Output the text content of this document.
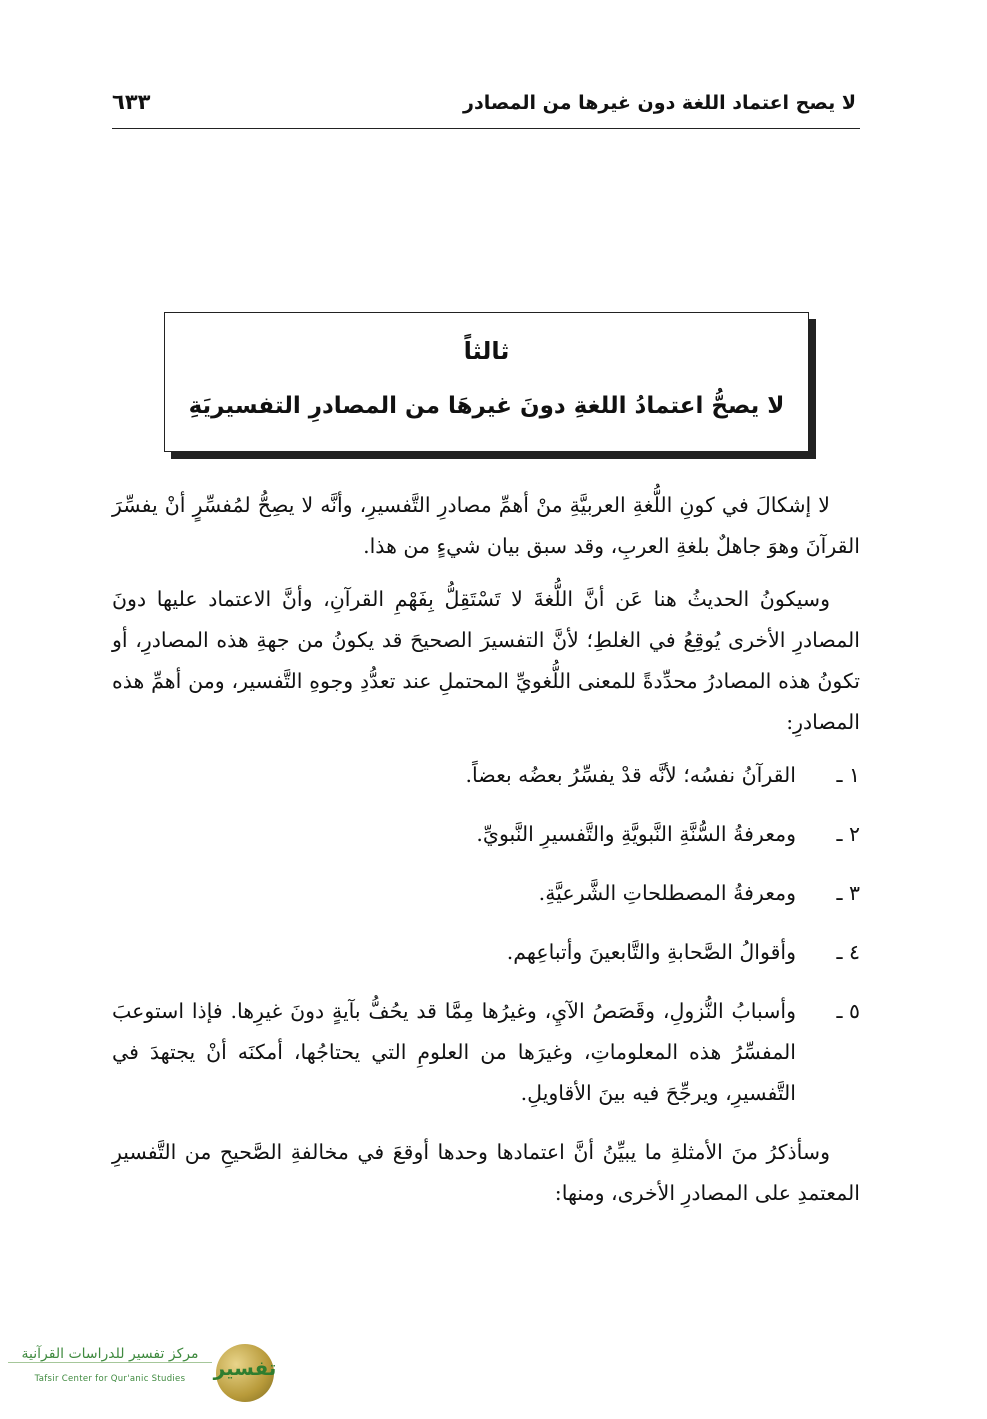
لا يصح اعتماد اللغة دون غيرها من المصادر
٦٣٣
ثالثاً
لا يصحُّ اعتمادُ اللغةِ دونَ غيرهَا من المصادرِ التفسيريَةِ

لا إشكالَ في كونِ اللُّغةِ العربيَّةِ منْ أهمِّ مصادرِ التَّفسيرِ، وأنَّه لا يصِحُّ لمُفسِّرٍ أنْ يفسِّرَ القرآنَ وهوَ جاهلٌ بلغةِ العربِ، وقد سبق بيان شيءٍ من هذا.

وسيكونُ الحديثُ هنا عَن أنَّ اللُّغةَ لا تَسْتَقِلُّ بِفَهْمِ القرآنِ، وأنَّ الاعتماد عليها دونَ المصادرِ الأخرى يُوقِعُ في الغلطِ؛ لأنَّ التفسيرَ الصحيحَ قد يكونُ من جهةِ هذه المصادرِ، أو تكونُ هذه المصادرُ محدِّدةً للمعنى اللُّغويِّ المحتملِ عند تعدُّدِ وجوهِ التَّفسير، ومن أهمِّ هذه المصادرِ:

١ ـ
القرآنُ نفسُه؛ لأنَّه قدْ يفسِّرُ بعضُه بعضاً.
٢ ـ
ومعرفةُ السُّنَّةِ النَّبويَّةِ والتَّفسيرِ النَّبويِّ.
٣ ـ
ومعرفةُ المصطلحاتِ الشَّرعيَّةِ.
٤ ـ
وأقوالُ الصَّحابةِ والتَّابعينَ وأتباعِهم.
٥ ـ
وأسبابُ النُّزولِ، وقَصَصُ الآيِ، وغيرُها مِمَّا قد يحُفُّ بآيةٍ دونَ غيرِها. فإذا استوعبَ المفسِّرُ هذه المعلوماتِ، وغيرَها من العلومِ التي يحتاجُها، أمكنَه أنْ يجتهدَ في التَّفسيرِ، ويرجِّحَ فيه بينَ الأقاويلِ.

وسأذكرُ منَ الأمثلةِ ما يبيِّنُ أنَّ اعتمادها وحدها أوقعَ في مخالفةِ الصَّحيحِ من التَّفسيرِ المعتمدِ على المصادرِ الأخرى، ومنها:

تفسير
مركز تفسير للدراسات القرآنية
Tafsir Center for Qur'anic Studies
